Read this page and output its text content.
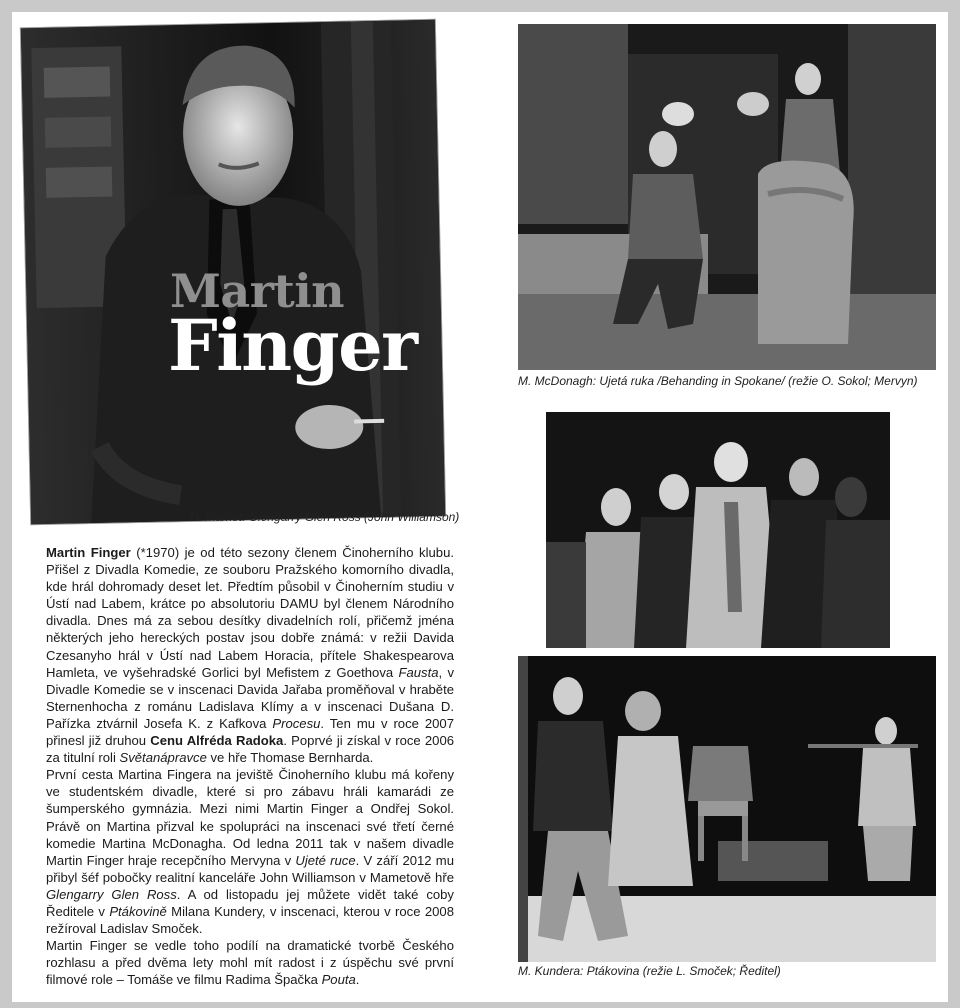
Martin
Finger
D. Mamet: Glengarry Glen Ross (John Williamson)
M. McDonagh: Ujetá ruka /Behanding in Spokane/ (režie O. Sokol; Mervyn)
M. Kundera: Ptákovina (režie L. Smoček; Ředitel)

Martin Finger (*1970) je od této sezony členem Činoherního klubu. Přišel z Divadla Komedie, ze souboru Pražského komorního divadla, kde hrál dohromady deset let. Předtím působil v Činoherním studiu v Ústí nad Labem, krátce po absolutoriu DAMU byl členem Národního divadla. Dnes má za sebou desítky divadelních rolí, přičemž jména některých jeho hereckých postav jsou dobře známá: v režii Davida Czesanyho hrál v Ústí nad Labem Horacia, přítele Shakespearova Hamleta, ve vyšehradské Gorlici byl Mefistem z Goethova Fausta, v Divadle Komedie se v inscenaci Davida Jařaba proměňoval v hraběte Sternenhocha z románu Ladislava Klímy a v inscenaci Dušana D. Pařízka ztvárnil Josefa K. z Kafkova Procesu. Ten mu v roce 2007 přinesl již druhou Cenu Alfréda Radoka. Poprvé ji získal v roce 2006 za titulní roli Světanápravce ve hře Thomase Bernharda.

První cesta Martina Fingera na jeviště Činoherního klubu má kořeny ve studentském divadle, které si pro zábavu hráli kamarádi ze šumperského gymnázia. Mezi nimi Martin Finger a Ondřej Sokol. Právě on Martina přizval ke spolupráci na inscenaci své třetí černé komedie Martina McDonagha. Od ledna 2011 tak v našem divadle Martin Finger hraje recepčního Mervyna v Ujeté ruce. V září 2012 mu přibyl šéf pobočky realitní kanceláře John Williamson v Mametově hře Glengarry Glen Ross. A od listopadu jej můžete vidět také coby Ředitele v Ptákovině Milana Kundery, v inscenaci, kterou v roce 2008 režíroval Ladislav Smoček.

Martin Finger se vedle toho podílí na dramatické tvorbě Českého rozhlasu a před dvěma lety mohl mít radost i z úspěchu své první filmové role – Tomáše ve filmu Radima Špačka Pouta.
